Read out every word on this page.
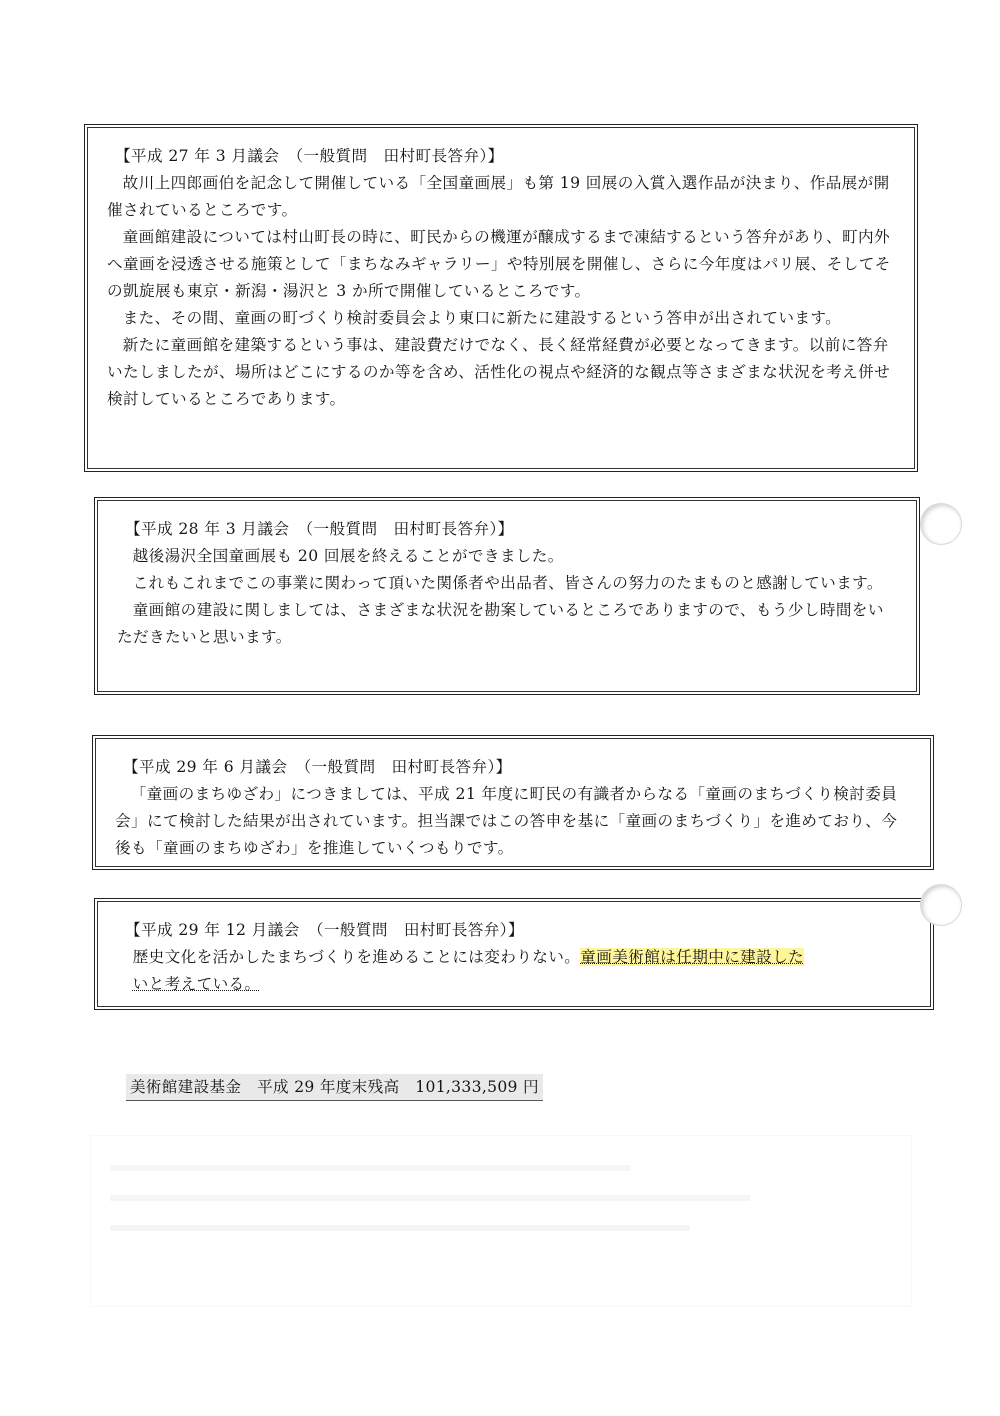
【平成 27 年 3 月議会　（一般質問　田村町長答弁）】

故川上四郎画伯を記念して開催している「全国童画展」も第 19 回展の入賞入選作品が決まり、作品展が開催されているところです。

童画館建設については村山町長の時に、町民からの機運が醸成するまで凍結するという答弁があり、町内外へ童画を浸透させる施策として「まちなみギャラリー」や特別展を開催し、さらに今年度はパリ展、そしてその凱旋展も東京・新潟・湯沢と 3 か所で開催しているところです。

また、その間、童画の町づくり検討委員会より東口に新たに建設するという答申が出されています。

新たに童画館を建築するという事は、建設費だけでなく、長く経常経費が必要となってきます。以前に答弁いたしましたが、場所はどこにするのか等を含め、活性化の視点や経済的な観点等さまざまな状況を考え併せ検討しているところであります。

【平成 28 年 3 月議会　（一般質問　田村町長答弁）】

越後湯沢全国童画展も 20 回展を終えることができました。

これもこれまでこの事業に関わって頂いた関係者や出品者、皆さんの努力のたまものと感謝しています。

童画館の建設に関しましては、さまざまな状況を勘案しているところでありますので、もう少し時間をいただきたいと思います。

【平成 29 年 6 月議会　（一般質問　田村町長答弁）】

「童画のまちゆざわ」につきましては、平成 21 年度に町民の有識者からなる「童画のまちづくり検討委員会」にて検討した結果が出されています。担当課ではこの答申を基に「童画のまちづくり」を進めており、今後も「童画のまちゆざわ」を推進していくつもりです。

【平成 29 年 12 月議会　（一般質問　田村町長答弁）】

歴史文化を活かしたまちづくりを進めることには変わりない。童画美術館は任期中に建設した
いと考えている。

美術館建設基金　平成 29 年度末残高　101,333,509 円
